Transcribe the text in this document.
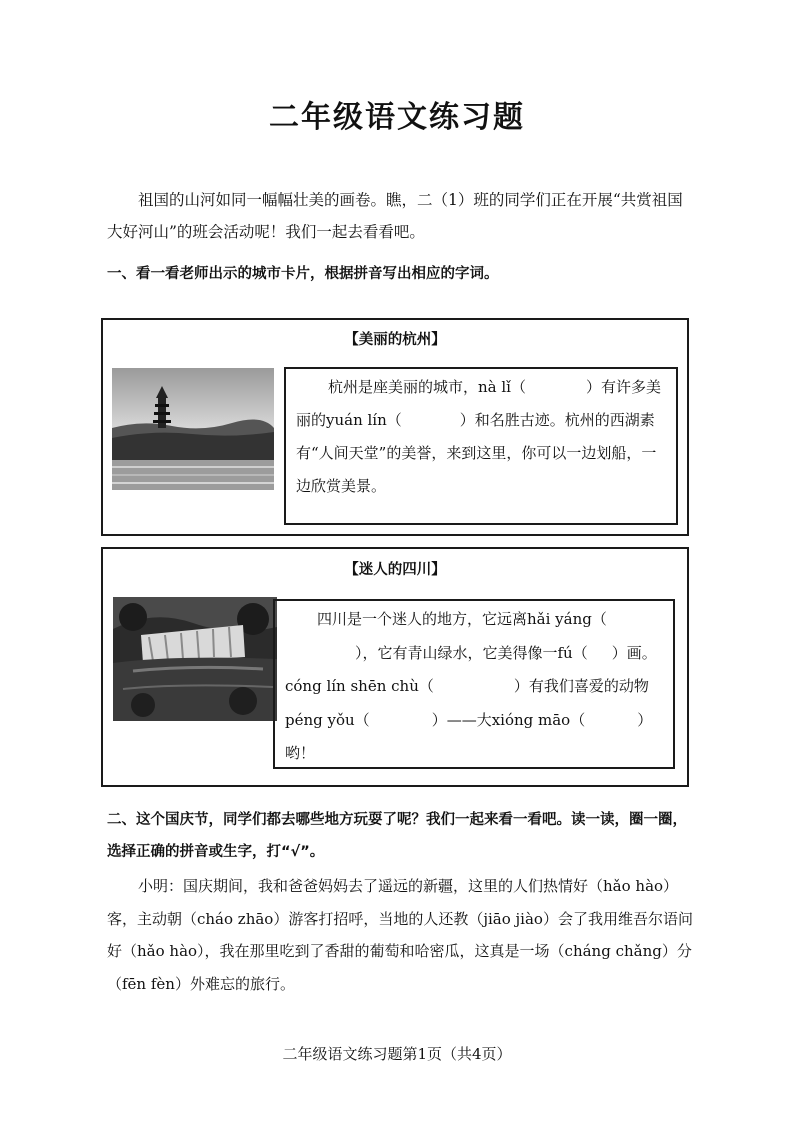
二年级语文练习题
祖国的山河如同一幅幅壮美的画卷。瞧，二（1）班的同学们正在开展“共赏祖国大好河山”的班会活动呢！我们一起去看看吧。
一、看一看老师出示的城市卡片，根据拼音写出相应的字词。
【美丽的杭州】
杭州是座美丽的城市，nà lǐ（	）有许多美丽的yuán lín（	）和名胜古迹。杭州的西湖素有“人间天堂”的美誉，来到这里，你可以一边划船，一边欣赏美景。
【迷人的四川】
四川是一个迷人的地方，它远离hǎi yáng（），它有青山绿水，它美得像一fú（ ）画。cóng lín shēn chù（	）有我们喜爱的动物péng yǒu（	）——大xióng māo（	）哟！
二、这个国庆节，同学们都去哪些地方玩耍了呢？我们一起来看一看吧。读一读，圈一圈，选择正确的拼音或生字，打“√”。
小明：国庆期间，我和爸爸妈妈去了遥远的新疆，这里的人们热情好（hǎo hào）客，主动朝（cháo zhāo）游客打招呼，当地的人还教（jiāo jiào）会了我用维吾尔语问好（hǎo hào），我在那里吃到了香甜的葡萄和哈密瓜，这真是一场（cháng chǎng）分（fēn fèn）外难忘的旅行。
二年级语文练习题第1页（共4页）
